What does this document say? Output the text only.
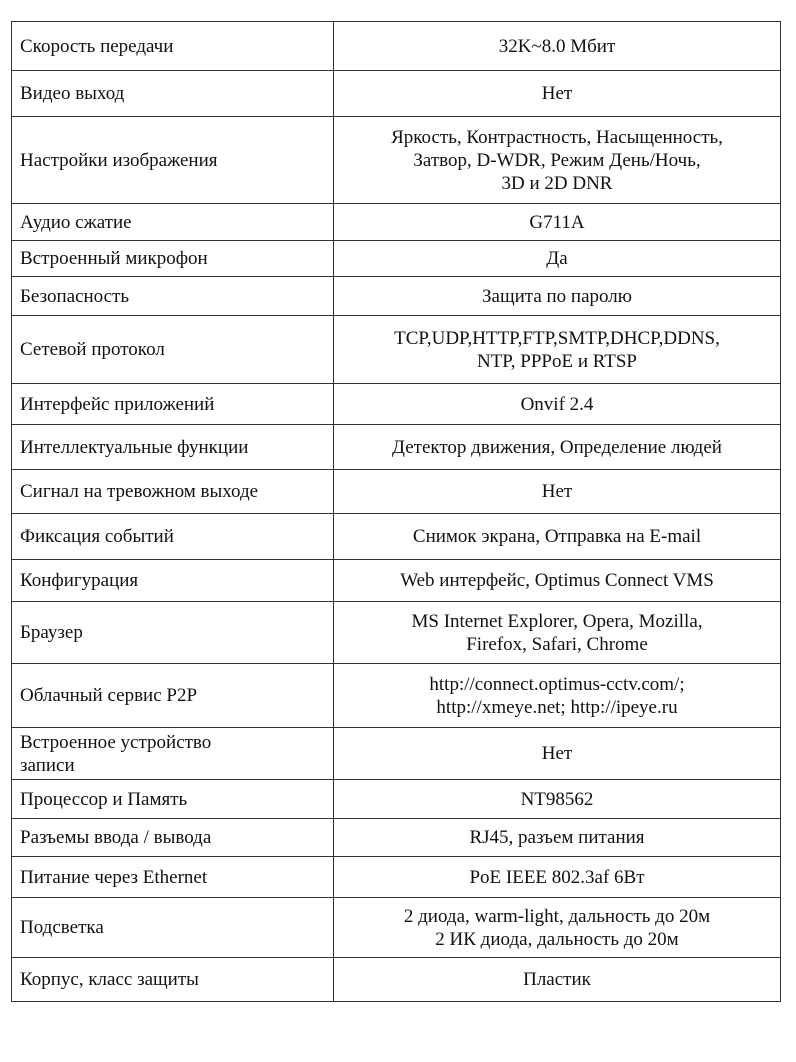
Скорость передачи	32K~8.0 Мбит

Видео выход	Нет

Настройки изображения	Яркость, Контрастность, Насыщенность,
Затвор, D-WDR, Режим День/Ночь,
3D и 2D DNR

Аудио сжатие	G711A

Встроенный микрофон	Да

Безопасность	Защита по паролю

Сетевой протокол	TCP,UDP,HTTP,FTP,SMTP,DHCP,DDNS,
NTP, PPPoE и RTSP

Интерфейс приложений	Onvif 2.4

Интеллектуальные функции	Детектор движения, Определение людей

Сигнал на тревожном выходе	Нет

Фиксация событий	Снимок экрана, Отправка на E-mail

Конфигурация	Web интерфейс, Optimus Connect VMS

Браузер	MS Internet Explorer, Opera, Mozilla,
Firefox, Safari, Chrome

Облачный сервис P2P	http://connect.optimus-cctv.com/;
http://xmeye.net; http://ipeye.ru

Встроенное устройство
записи	Нет

Процессор и Память	NT98562

Разъемы ввода / вывода	RJ45, разъем питания

Питание через Ethernet	PoE IEEE 802.3af 6Вт

Подсветка	2 диода, warm-light, дальность до 20м
2 ИК диода, дальность до 20м

Корпус, класс защиты	Пластик
